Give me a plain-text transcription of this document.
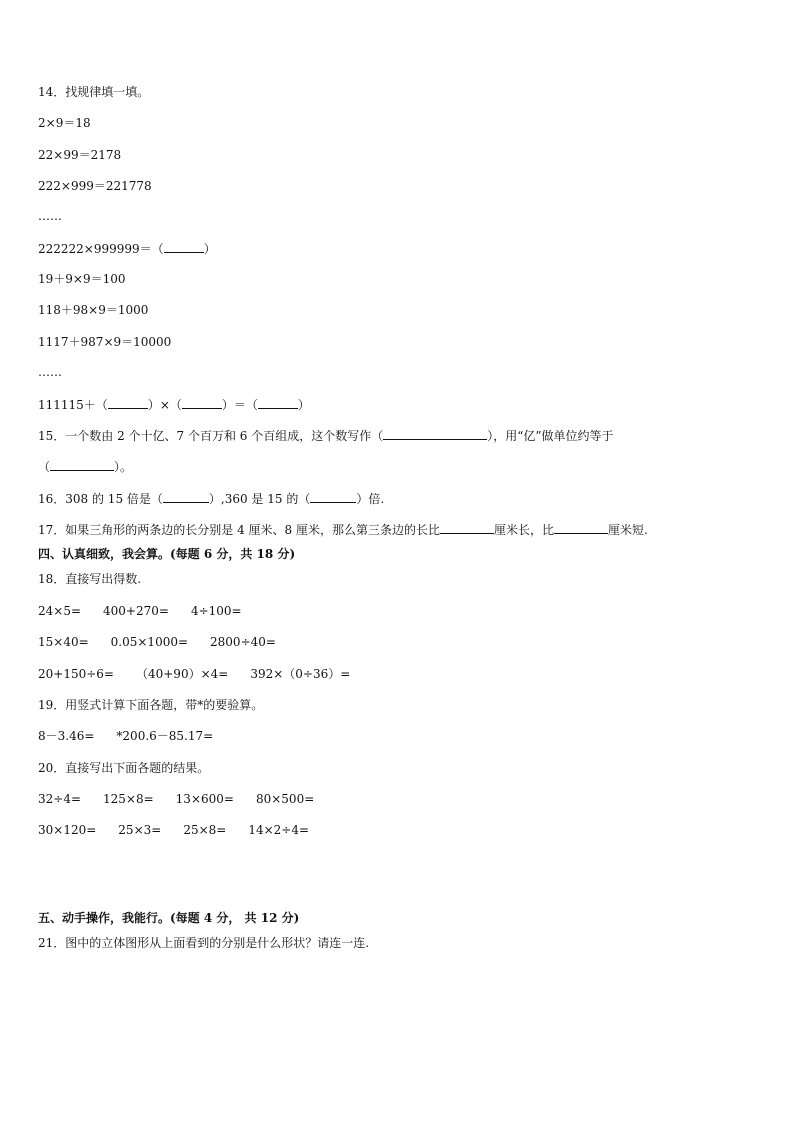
14．找规律填一填。
2×9＝18
22×99＝2178
222×999＝221778
……
222222×999999＝（	）
19＋9×9＝100
118＋98×9＝1000
1117＋987×9＝10000
……
111115＋（	）×（	）＝（	）
15．一个数由 2 个十亿、7 个百万和 6 个百组成，这个数写作（	），用“亿”做单位约等于
（	）。
16．308 的 15 倍是（	）,360 是 15 的（	）倍.
17．如果三角形的两条边的长分别是 4 厘米、8 厘米，那么第三条边的长比	厘米长，比	厘米短.
四、认真细致，我会算。(每题 6 分，共 18 分)
18．直接写出得数.
24×5= 400+270= 4÷100=
15×40= 0.05×1000= 2800÷40=
20+150÷6= （40+90）×4= 392×（0÷36）=
19．用竖式计算下面各题，带*的要验算。
8－3.46= *200.6－85.17=
20．直接写出下面各题的结果。
32÷4= 125×8= 13×600= 80×500=
30×120= 25×3= 25×8= 14×2÷4=
五、动手操作，我能行。(每题 4 分， 共 12 分)
21．图中的立体图形从上面看到的分别是什么形状？请连一连.
